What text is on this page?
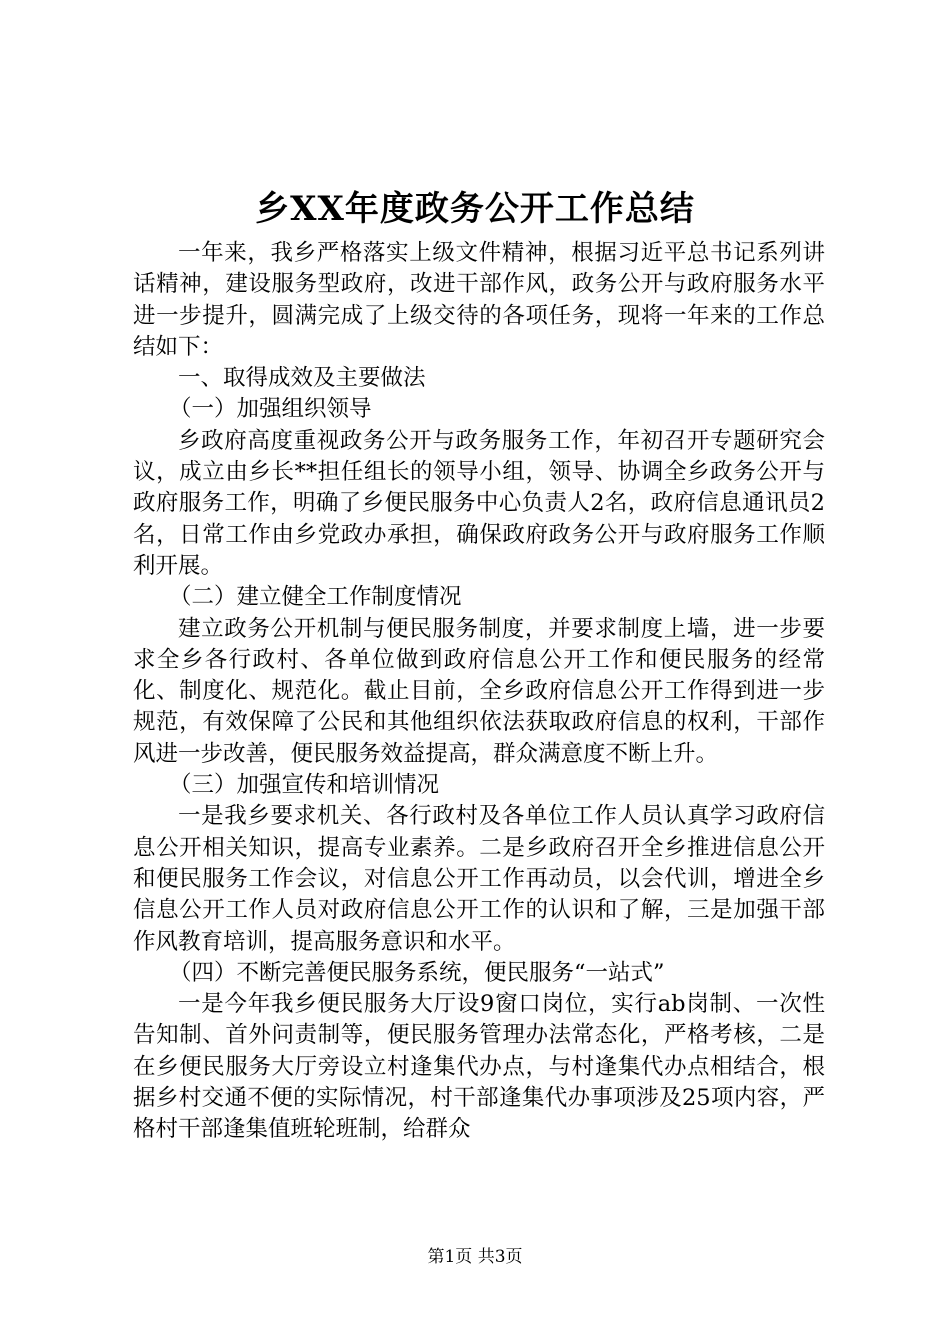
乡XX年度政务公开工作总结

一年来，我乡严格落实上级文件精神，根据习近平总书记系列讲话精神，建设服务型政府，改进干部作风，政务公开与政府服务水平进一步提升，圆满完成了上级交待的各项任务，现将一年来的工作总结如下：

一、取得成效及主要做法

（一）加强组织领导

乡政府高度重视政务公开与政务服务工作，年初召开专题研究会议，成立由乡长**担任组长的领导小组，领导、协调全乡政务公开与政府服务工作，明确了乡便民服务中心负责人2名，政府信息通讯员2名，日常工作由乡党政办承担，确保政府政务公开与政府服务工作顺利开展。

（二）建立健全工作制度情况

建立政务公开机制与便民服务制度，并要求制度上墙，进一步要求全乡各行政村、各单位做到政府信息公开工作和便民服务的经常化、制度化、规范化。截止目前，全乡政府信息公开工作得到进一步规范，有效保障了公民和其他组织依法获取政府信息的权利，干部作风进一步改善，便民服务效益提高，群众满意度不断上升。

（三）加强宣传和培训情况

一是我乡要求机关、各行政村及各单位工作人员认真学习政府信息公开相关知识，提高专业素养。二是乡政府召开全乡推进信息公开和便民服务工作会议，对信息公开工作再动员，以会代训，增进全乡信息公开工作人员对政府信息公开工作的认识和了解，三是加强干部作风教育培训，提高服务意识和水平。

（四）不断完善便民服务系统，便民服务“一站式”

一是今年我乡便民服务大厅设9窗口岗位，实行ab岗制、一次性告知制、首外问责制等，便民服务管理办法常态化，严格考核，二是在乡便民服务大厅旁设立村逢集代办点，与村逢集代办点相结合，根据乡村交通不便的实际情况，村干部逢集代办事项涉及25项内容，严格村干部逢集值班轮班制，给群众

第1页 共3页
